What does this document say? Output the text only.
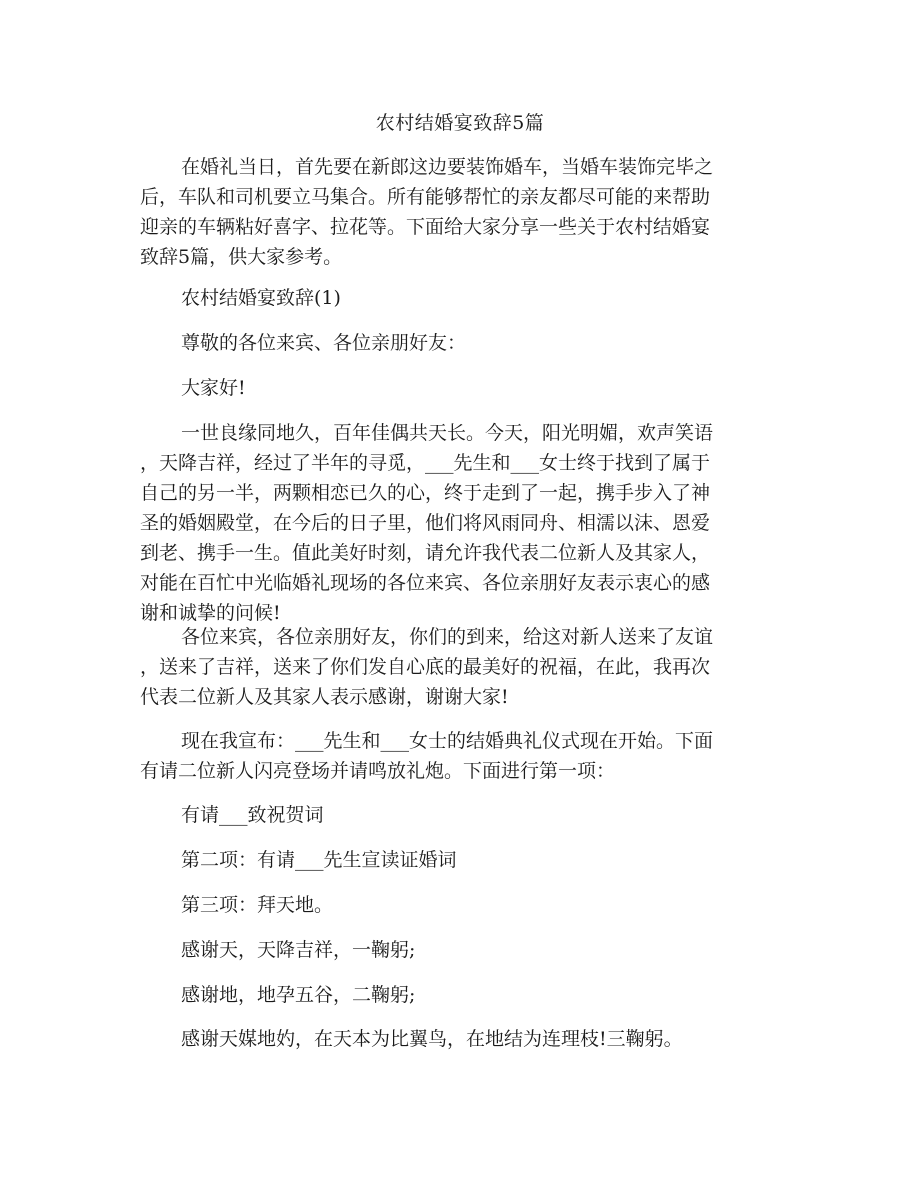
农村结婚宴致辞5篇
在婚礼当日，首先要在新郎这边要装饰婚车，当婚车装饰完毕之
后，车队和司机要立马集合。所有能够帮忙的亲友都尽可能的来帮助
迎亲的车辆粘好喜字、拉花等。下面给大家分享一些关于农村结婚宴
致辞5篇，供大家参考。
农村结婚宴致辞(1)
尊敬的各位来宾、各位亲朋好友：
大家好!
一世良缘同地久，百年佳偶共天长。今天，阳光明媚，欢声笑语
，天降吉祥，经过了半年的寻觅，___先生和___女士终于找到了属于
自己的另一半，两颗相恋已久的心，终于走到了一起，携手步入了神
圣的婚姻殿堂，在今后的日子里，他们将风雨同舟、相濡以沫、恩爱
到老、携手一生。值此美好时刻，请允许我代表二位新人及其家人，
对能在百忙中光临婚礼现场的各位来宾、各位亲朋好友表示衷心的感
谢和诚挚的问候!
各位来宾，各位亲朋好友，你们的到来，给这对新人送来了友谊
，送来了吉祥，送来了你们发自心底的最美好的祝福，在此，我再次
代表二位新人及其家人表示感谢，谢谢大家!
现在我宣布：___先生和___女士的结婚典礼仪式现在开始。下面
有请二位新人闪亮登场并请鸣放礼炮。下面进行第一项：
有请___致祝贺词
第二项：有请___先生宣读证婚词
第三项：拜天地。
感谢天，天降吉祥，一鞠躬;
感谢地，地孕五谷，二鞠躬;
感谢天媒地妁，在天本为比翼鸟，在地结为连理枝!三鞠躬。
